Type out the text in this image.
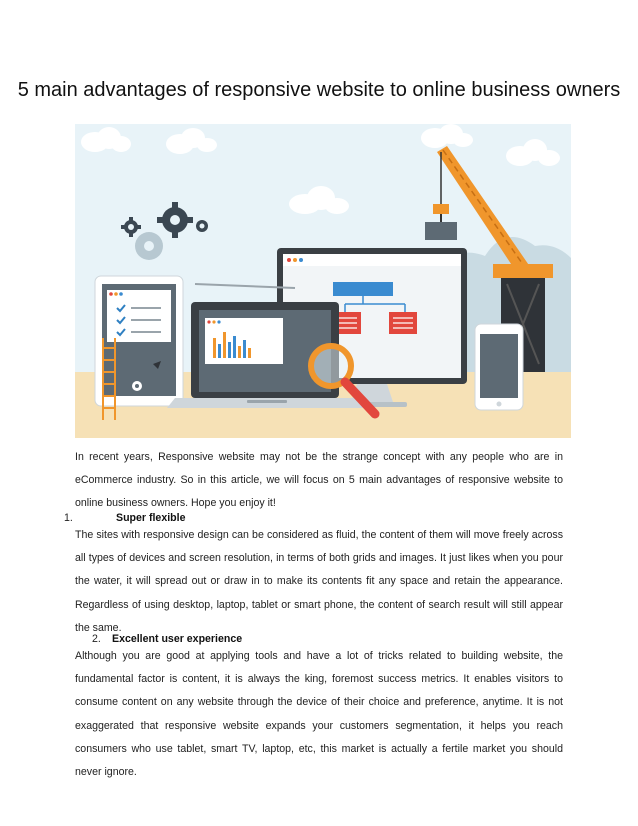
5 main advantages of responsive website to online business owners

In recent years, Responsive website may not be the strange concept with any people who are in eCommerce industry. So in this article, we will focus on 5 main advantages of responsive website to online business owners. Hope you enjoy it!

1.	Super flexible

The sites with responsive design can be considered as fluid, the content of them will move freely across all types of devices and screen resolution, in terms of both grids and images. It just likes when you pour the water, it will spread out or draw in to make its contents fit any space and retain the appearance. Regardless of using desktop, laptop, tablet or smart phone, the content of search result will still appear the same.

2. Excellent user experience

Although you are good at applying tools and have a lot of tricks related to building website, the fundamental factor is content, it is always the king, foremost success metrics. It enables visitors to consume content on any website through the device of their choice and preference, anytime. It is not exaggerated that responsive website expands your customers segmentation, it helps you reach consumers who use tablet, smart TV, laptop, etc, this market is actually a fertile market you should never ignore.
